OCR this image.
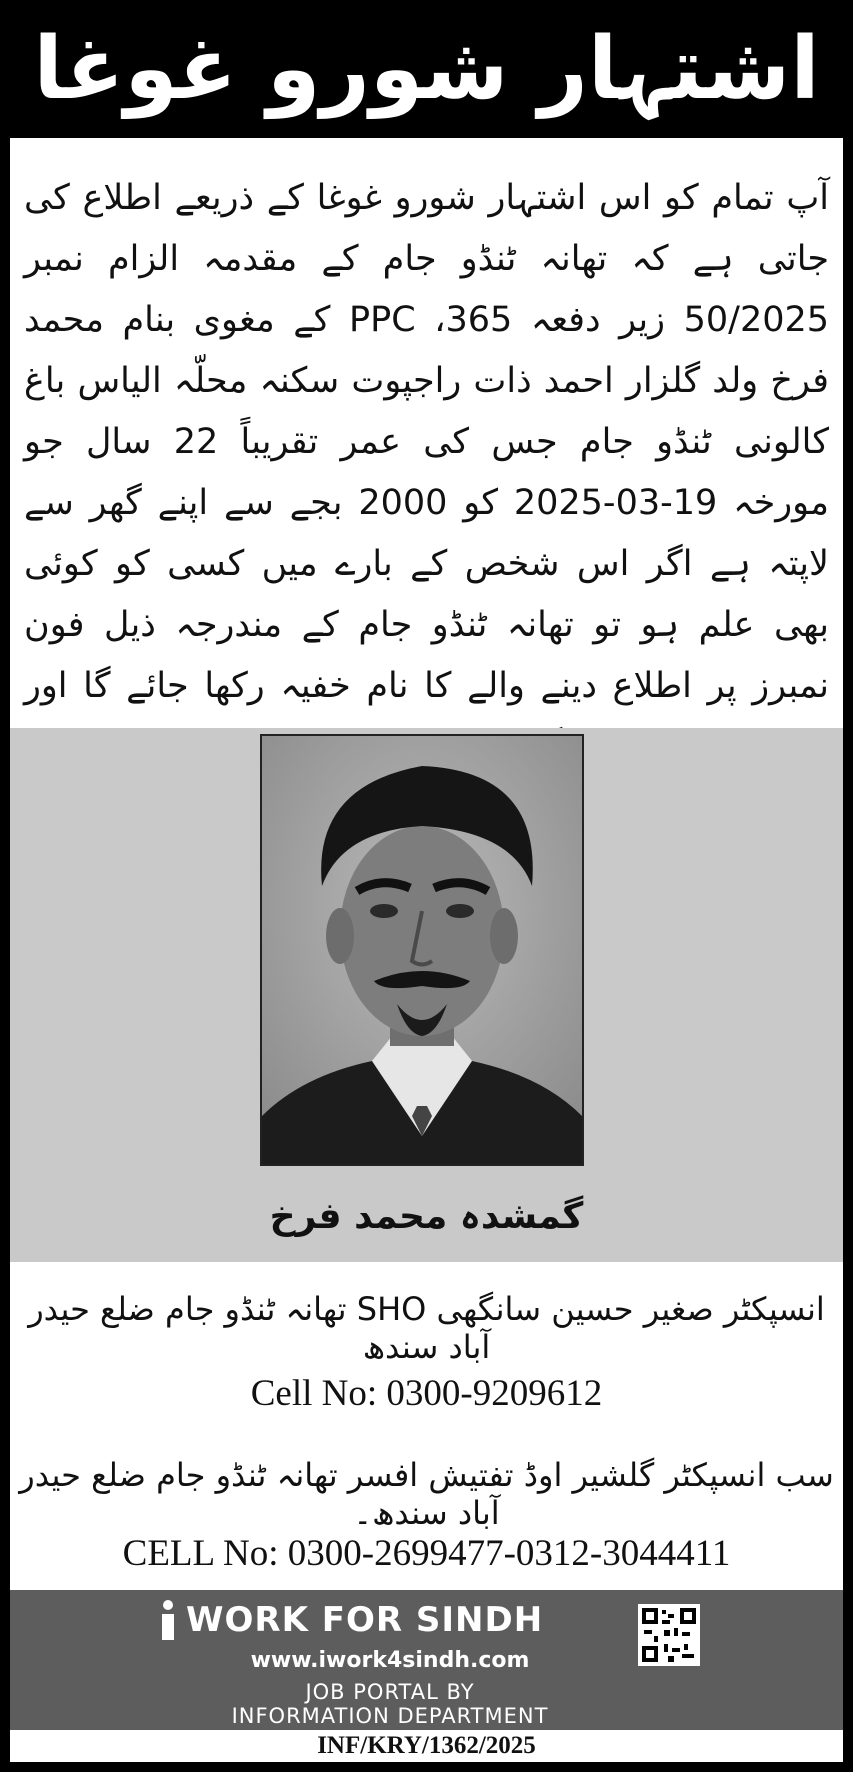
اشتہار شورو غوغا
آپ تمام کو اس اشتہار شورو غوغا کے ذریعے اطلاع کی جاتی ہے کہ تھانہ ٹنڈو جام کے مقدمہ الزام نمبر 50/2025 زیر دفعہ 365، PPC کے مغوی بنام محمد فرخ ولد گلزار احمد ذات راجپوت سکنہ محلّہ الیاس باغ کالونی ٹنڈو جام جس کی عمر تقریباً 22 سال جو مورخہ 19-03-2025 کو 2000 بجے سے اپنے گھر سے لاپتہ ہے اگر اس شخص کے بارے میں کسی کو کوئی بھی علم ہو تو تھانہ ٹنڈو جام کے مندرجہ ذیل فون نمبرز پر اطلاع دینے والے کا نام خفیہ رکھا جائے گا اور
گمشدہ محمد فرخ
انسپکٹر صغیر حسین سانگھی SHO تھانہ ٹنڈو جام ضلع حیدر آباد سندھ
Cell No: 0300-9209612
سب انسپکٹر گلشیر اوڈ تفتیش افسر تھانہ ٹنڈو جام ضلع حیدر آباد سندھ۔
CELL No: 0300-2699477-0312-3044411
WORK FOR SINDH
www.iwork4sindh.com
JOB PORTAL BY
INFORMATION DEPARTMENT
INF/KRY/1362/2025
